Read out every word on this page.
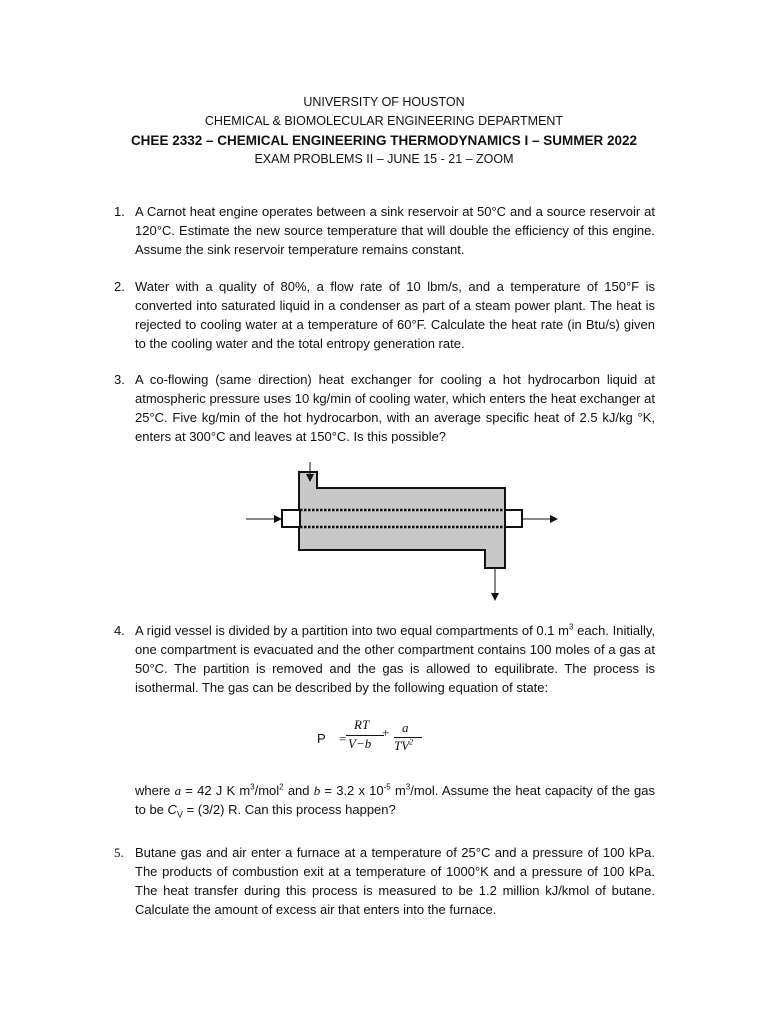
UNIVERSITY OF HOUSTON
CHEMICAL & BIOMOLECULAR ENGINEERING DEPARTMENT
CHEE 2332 – CHEMICAL ENGINEERING THERMODYNAMICS I – SUMMER 2022
EXAM PROBLEMS II – JUNE 15 - 21 – ZOOM
1. A Carnot heat engine operates between a sink reservoir at 50°C and a source reservoir at 120°C. Estimate the new source temperature that will double the efficiency of this engine. Assume the sink reservoir temperature remains constant.
2. Water with a quality of 80%, a flow rate of 10 lbm/s, and a temperature of 150°F is converted into saturated liquid in a condenser as part of a steam power plant. The heat is rejected to cooling water at a temperature of 60°F. Calculate the heat rate (in Btu/s) given to the cooling water and the total entropy generation rate.
3. A co-flowing (same direction) heat exchanger for cooling a hot hydrocarbon liquid at atmospheric pressure uses 10 kg/min of cooling water, which enters the heat exchanger at 25°C. Five kg/min of the hot hydrocarbon, with an average specific heat of 2.5 kJ/kg °K, enters at 300°C and leaves at 150°C. Is this possible?
4. A rigid vessel is divided by a partition into two equal compartments of 0.1 $m^3$ each. Initially, one compartment is evacuated and the other compartment contains 100 moles of a gas at 50°C. The partition is removed and the gas is allowed to equilibrate. The process is isothermal. The gas can be described by the following equation of state:
P =
RT
V−b
+ a
$TV^2$
where a = 42 J K $m^3/mol^2$ and b = 3.2 x $10^{-5}$ $m^3$/mol. Assume the heat capacity of the gas to be $C_V = (3/2)$ R. Can this process happen?
5. Butane gas and air enter a furnace at a temperature of 25°C and a pressure of 100 kPa. The products of combustion exit at a temperature of 1000°K and a pressure of 100 kPa. The heat transfer during this process is measured to be 1.2 million kJ/kmol of butane. Calculate the amount of excess air that enters into the furnace.
